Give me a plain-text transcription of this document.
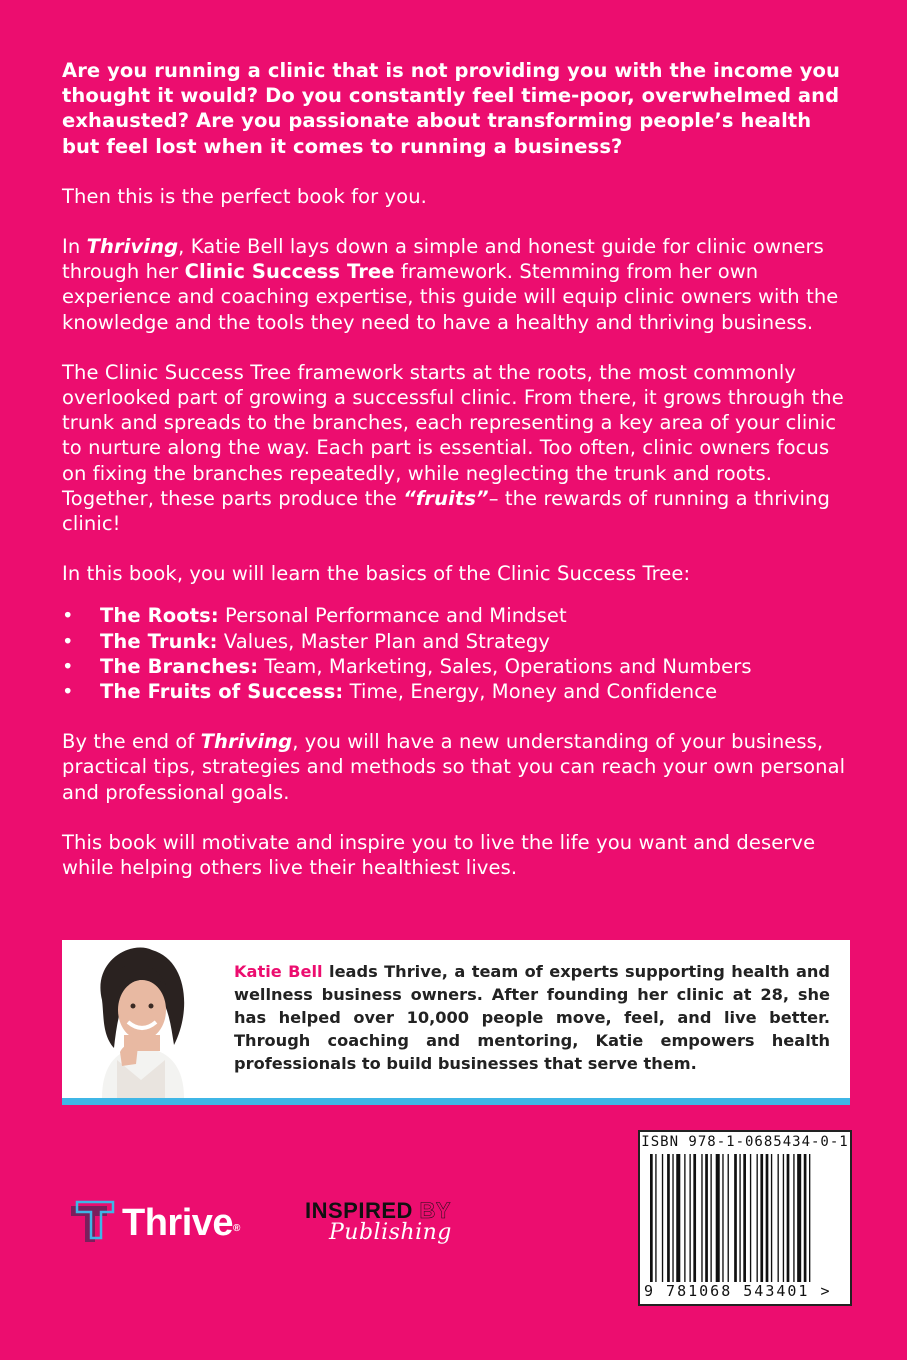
Are you running a clinic that is not providing you with the income you thought it would? Do you constantly feel time-poor, overwhelmed and exhausted? Are you passionate about transforming people’s health but feel lost when it comes to running a business?

Then this is the perfect book for you.

In Thriving, Katie Bell lays down a simple and honest guide for clinic owners through her Clinic Success Tree framework. Stemming from her own experience and coaching expertise, this guide will equip clinic owners with the knowledge and the tools they need to have a healthy and thriving business.

The Clinic Success Tree framework starts at the roots, the most commonly overlooked part of growing a successful clinic. From there, it grows through the trunk and spreads to the branches, each representing a key area of your clinic to nurture along the way. Each part is essential. Too often, clinic owners focus on fixing the branches repeatedly, while neglecting the trunk and roots. Together, these parts produce the “fruits”– the rewards of running a thriving clinic!

In this book, you will learn the basics of the Clinic Success Tree:

• The Roots: Personal Performance and Mindset
• The Trunk: Values, Master Plan and Strategy
• The Branches: Team, Marketing, Sales, Operations and Numbers
• The Fruits of Success: Time, Energy, Money and Confidence

By the end of Thriving, you will have a new understanding of your business, practical tips, strategies and methods so that you can reach your own personal and professional goals.

This book will motivate and inspire you to live the life you want and deserve while helping others live their healthiest lives.

Katie Bell leads Thrive, a team of experts supporting health and wellness business owners. After founding her clinic at 28, she has helped over 10,000 people move, feel, and live better. Through coaching and mentoring, Katie empowers health professionals to build businesses that serve them.
ISBN 978-1-0685434-0-1
9 781068 543401 >
Thrive®
INSPIRED BY
Publishing
